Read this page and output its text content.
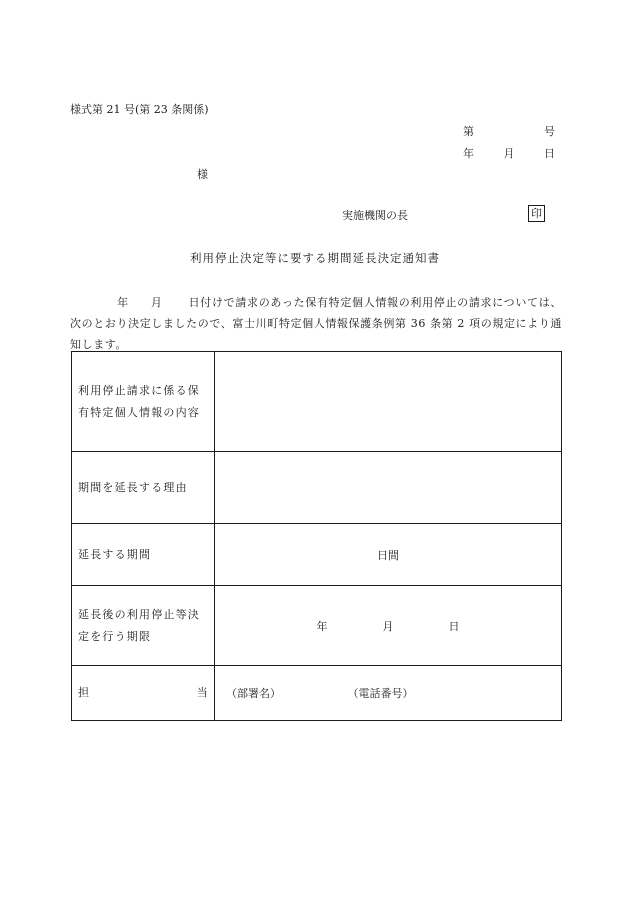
様式第 21 号(第 23 条関係)
第	号
年	月	日
様
実施機関の長	印
利用停止決定等に要する期間延長決定通知書
年 月 日付けで請求のあった保有特定個人情報の利用停止の請求については、次のとおり決定しましたので、富士川町特定個人情報保護条例第 36 条第 2 項の規定により通知します。
利用停止請求に係る保有特定個人情報の内容	
期間を延長する理由	
延長する期間	日間
延長後の利用停止等決定を行う期限	年 月 日

担 当	（部署名） （電話番号）
